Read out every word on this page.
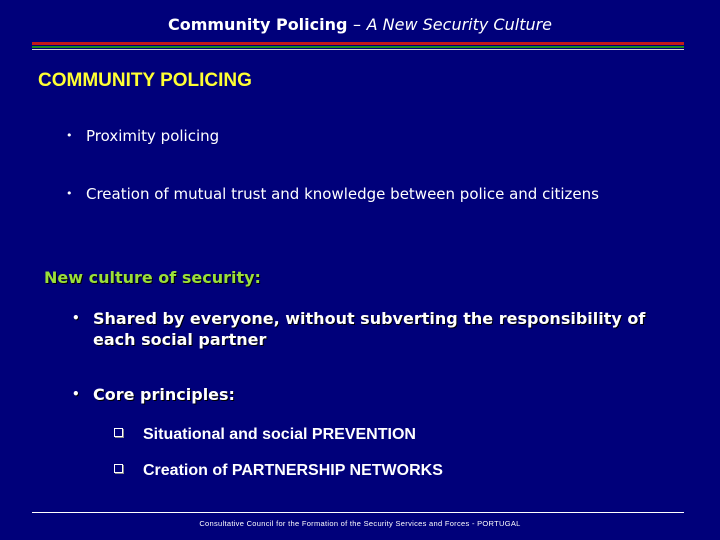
Community Policing – A New Security Culture
COMMUNITY POLICING
• Proximity policing
• Creation of mutual trust and knowledge between police and citizens
New culture of security:
• Shared by everyone, without subverting the responsibility of each social partner
• Core principles:
Situational and social PREVENTION
Creation of PARTNERSHIP NETWORKS
Consultative Council for the Formation of the Security Services and Forces - PORTUGAL
